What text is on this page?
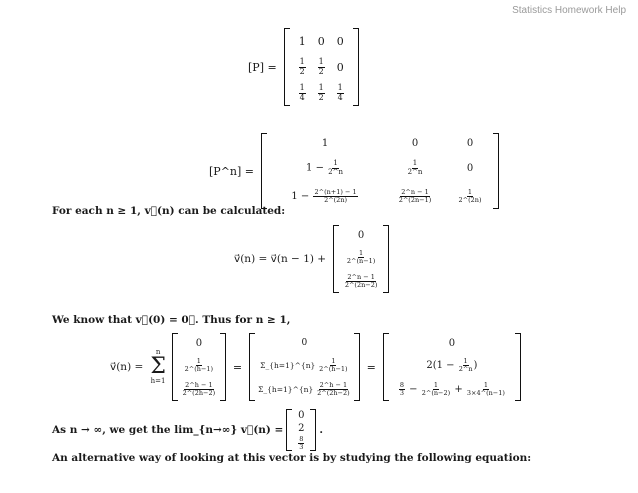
Statistics Homework Help
[P] =
1	0	0

$\frac{1}{2}$	$\frac{1}{2}$	0

$\frac{1}{4}$	$\frac{1}{2}$	$\frac{1}{4}$
[P^n] =
1	0	0
$1 - \frac{1}{2\^{}n}$	$\frac{1}{2\^{}n}$	0
$1 - \frac{2\^{}(n+1) - 1}{2\^{}(2n)}$	$\frac{2\^{}n - 1}{2\^{}(2n-1)}$	$\frac{1}{2\^{}(2n)}$
For each n ≥ 1, v⃗(n) can be calculated:
v⃗(n) = v⃗(n − 1) +
0

$\frac{1}{2\^{}(n-1)}$

$\frac{2\^{}n - 1}{2\^{}(2n-2)}$
We know that v⃗(0) = 0⃗. Thus for n ≥ 1,
v⃗(n) =
n
Σ
h=1
0

$\frac{1}{2\^{}(h-1)}$

$\frac{2\^{}h - 1}{2\^{}(2h-2)}$
=
0
Σ_{h=1}^{n} $\frac{1}{2\^{}(h-1)}$

Σ_{h=1}^{n} $\frac{2\^{}h - 1}{2\^{}(2h-2)}$
=
0
$2(1 - \frac{1}{2\^{}n}$ )

$\frac{8}{3} - \frac{1}{2\^{}(n-2)} + \frac{1}{3\times 4\^{}(n-1)}$
As n → ∞, we get the lim_{n→∞} v⃗(n) =
0
2

$\frac{8}{3}$
.
An alternative way of looking at this vector is by studying the following equation:
